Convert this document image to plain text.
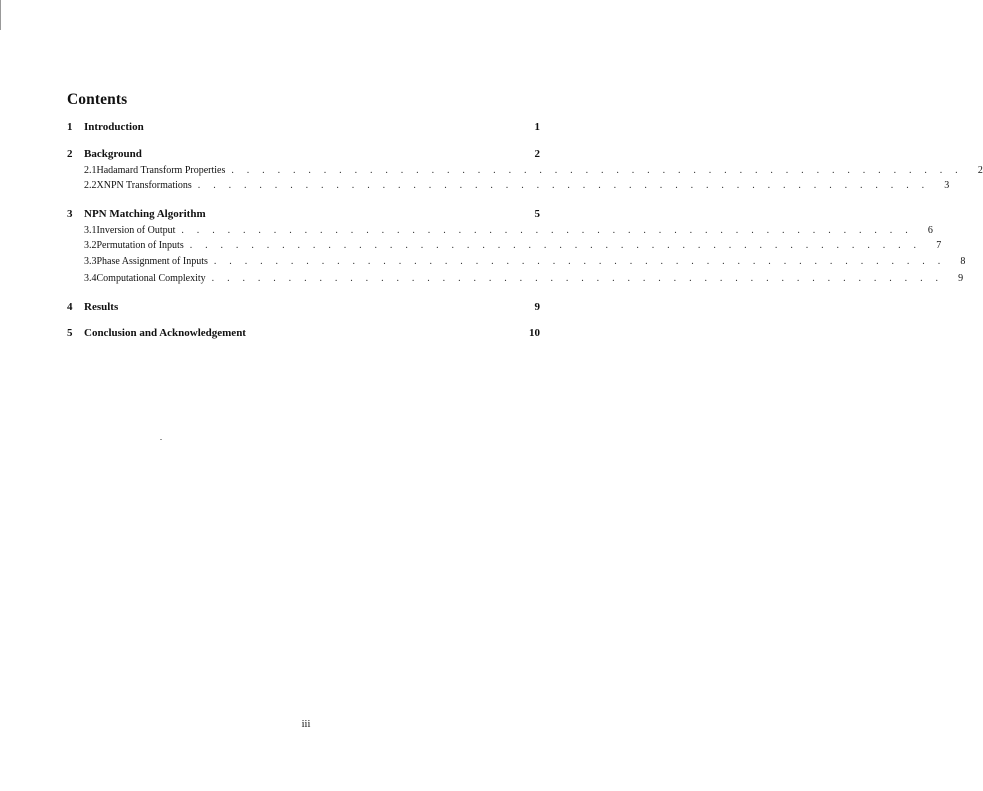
Contents
1	Introduction	1
2	Background	2
2.1 Hadamard Transform Properties . . . . . . . . . . . . . . . . . . . . . . . . . . . . . . . . . . . . . . . . . . . . . . . .	2
2.2 XNPN Transformations . . . . . . . . . . . . . . . . . . . . . . . . . . . . . . . . . . . . . . . . . . . . . . . .	3
3	NPN Matching Algorithm	5
3.1 Inversion of Output . . . . . . . . . . . . . . . . . . . . . . . . . . . . . . . . . . . . . . . . . . . . . . . .	6
3.2 Permutation of Inputs . . . . . . . . . . . . . . . . . . . . . . . . . . . . . . . . . . . . . . . . . . . . . . . .	7
3.3 Phase Assignment of Inputs . . . . . . . . . . . . . . . . . . . . . . . . . . . . . . . . . . . . . . . . . . . . . . . .	8
3.4 Computational Complexity . . . . . . . . . . . . . . . . . . . . . . . . . . . . . . . . . . . . . . . . . . . . . . . .	9
4	Results	9
5	Conclusion and Acknowledgement	10
iii
